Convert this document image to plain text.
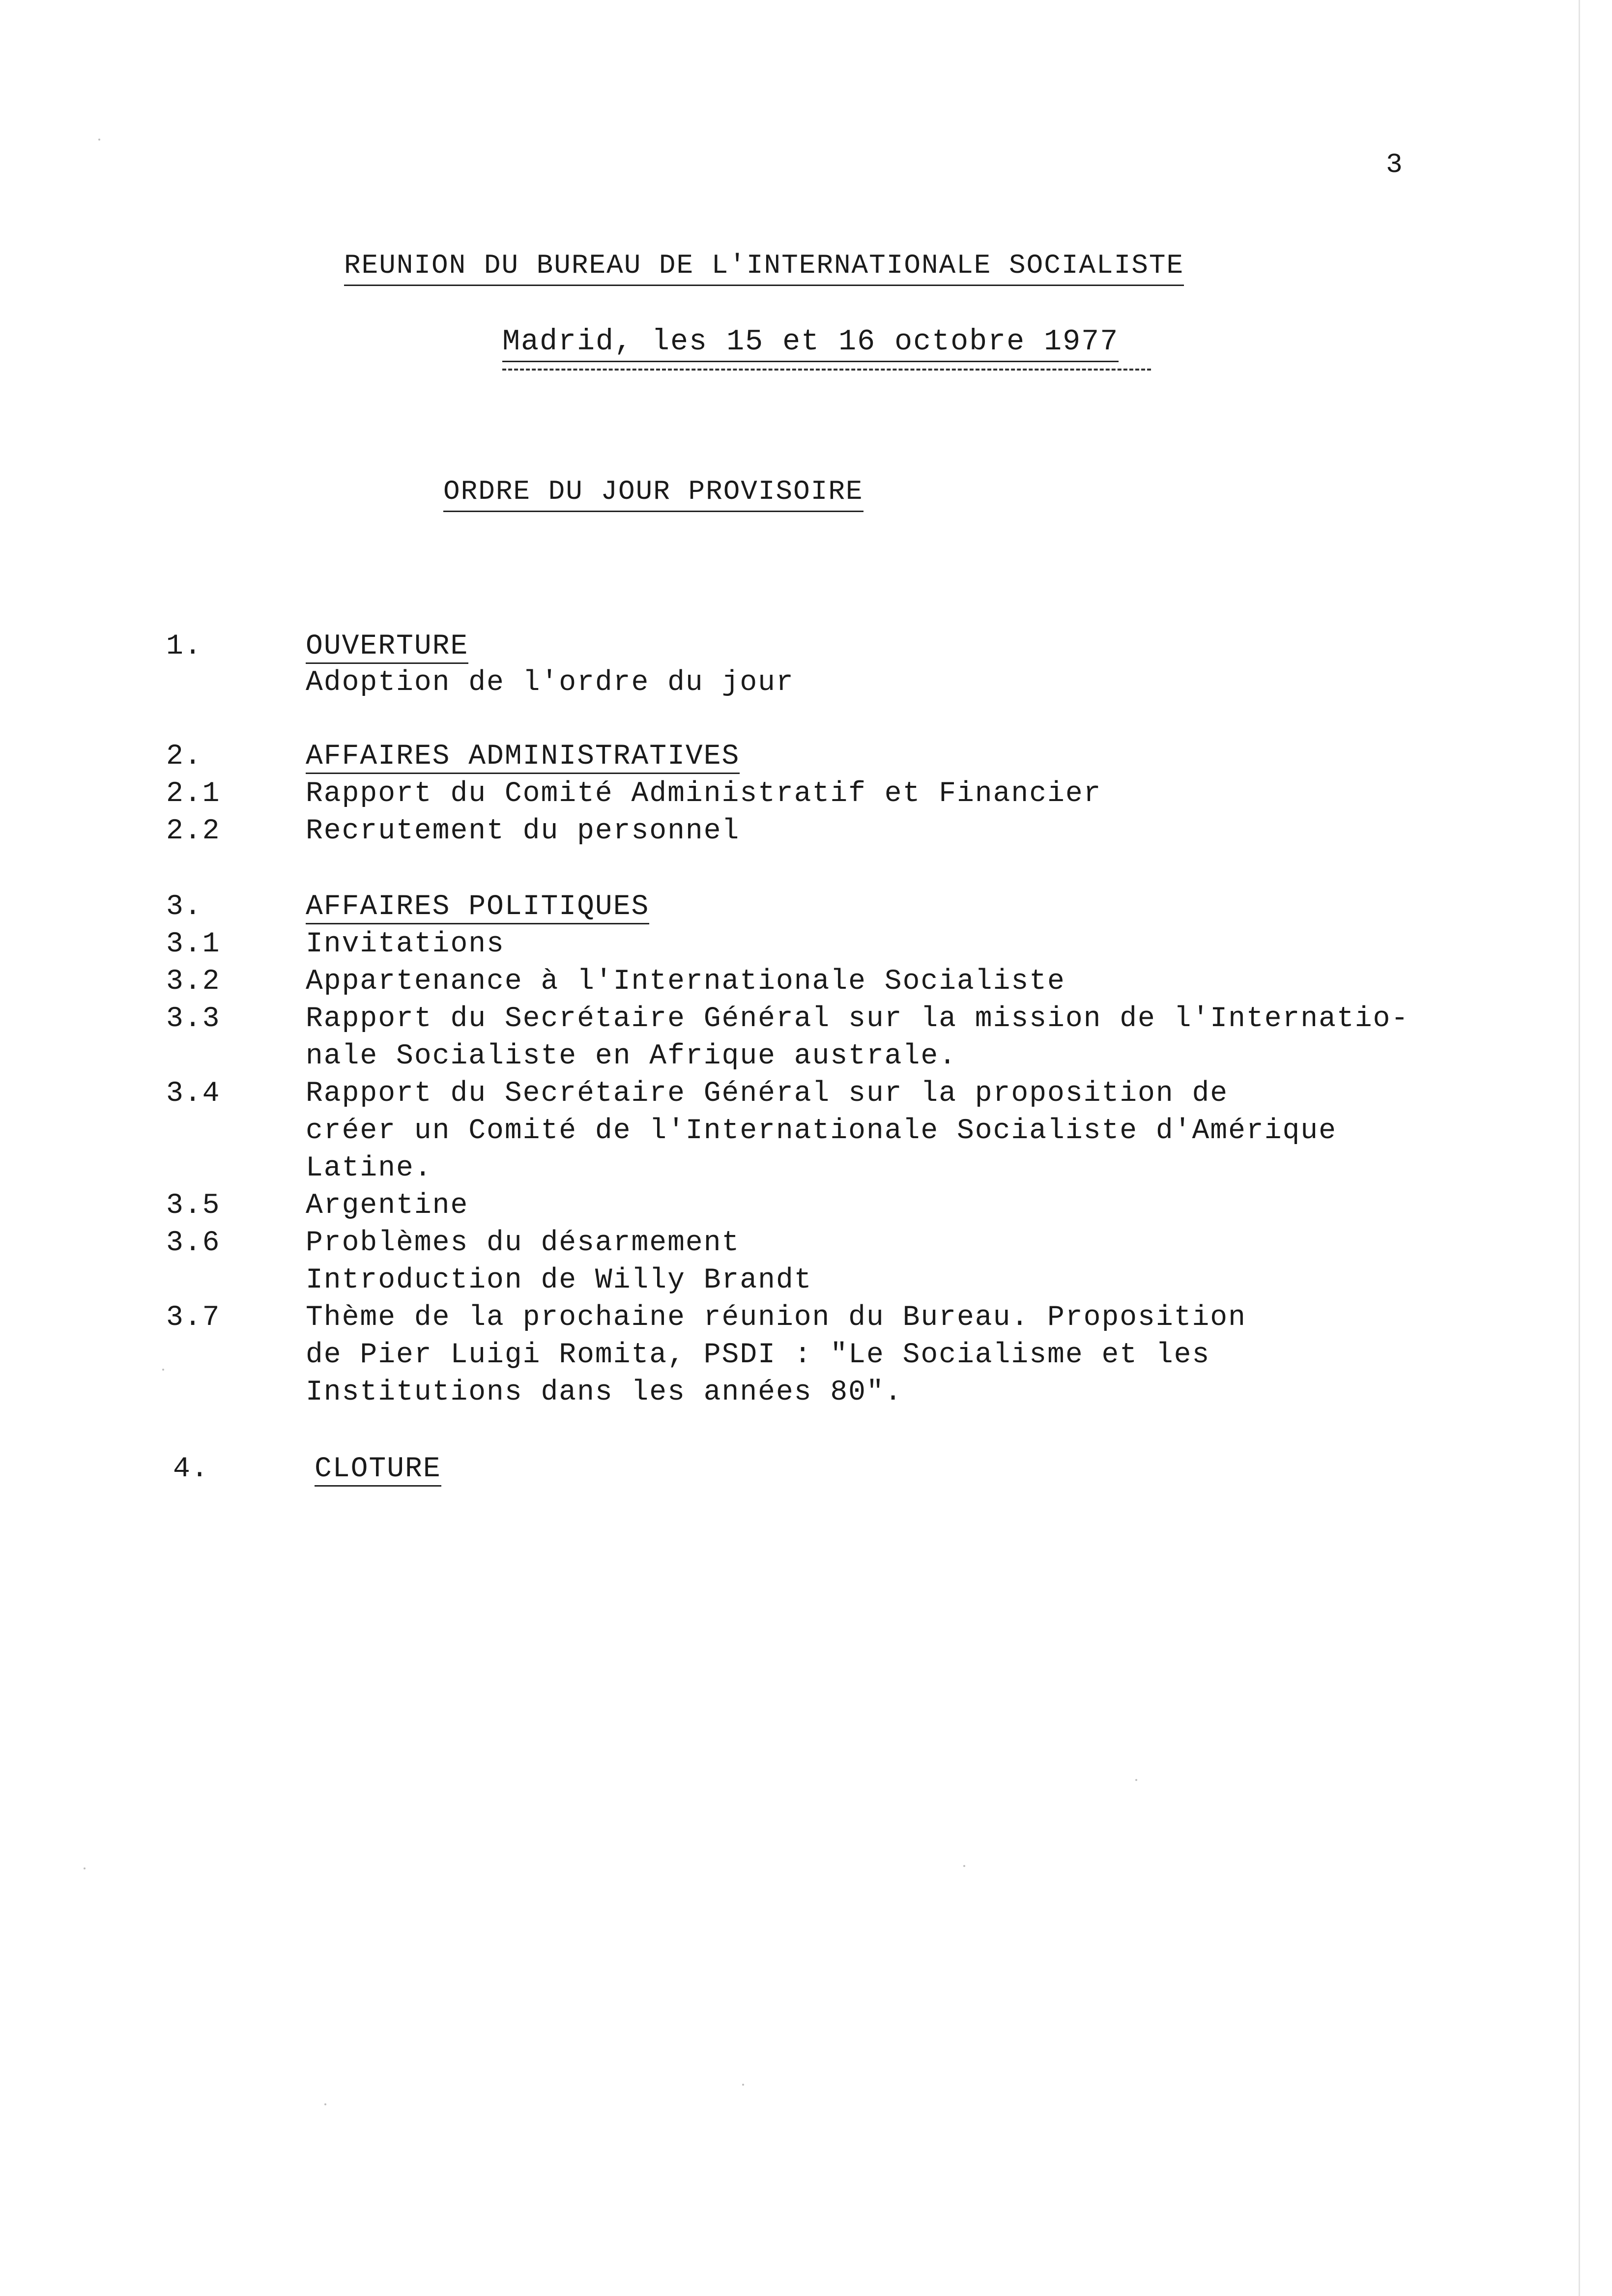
3
REUNION DU BUREAU DE L'INTERNATIONALE SOCIALISTE
Madrid, les 15 et 16 octobre 1977
ORDRE DU JOUR PROVISOIRE
1.	OUVERTURE
Adoption de l'ordre du jour
2.	AFFAIRES ADMINISTRATIVES
2.1	Rapport du Comité Administratif et Financier
2.2	Recrutement du personnel
3.	AFFAIRES POLITIQUES
3.1	Invitations
3.2	Appartenance à l'Internationale Socialiste
3.3	Rapport du Secrétaire Général sur la mission de l'Internatio-
nale Socialiste en Afrique australe.
3.4	Rapport du Secrétaire Général sur la proposition de
créer un Comité de l'Internationale Socialiste d'Amérique
Latine.
3.5	Argentine
3.6	Problèmes du désarmement
Introduction de Willy Brandt
3.7	Thème de la prochaine réunion du Bureau. Proposition
de Pier Luigi Romita, PSDI : "Le Socialisme et les
Institutions dans les années 80".
4.	CLOTURE
